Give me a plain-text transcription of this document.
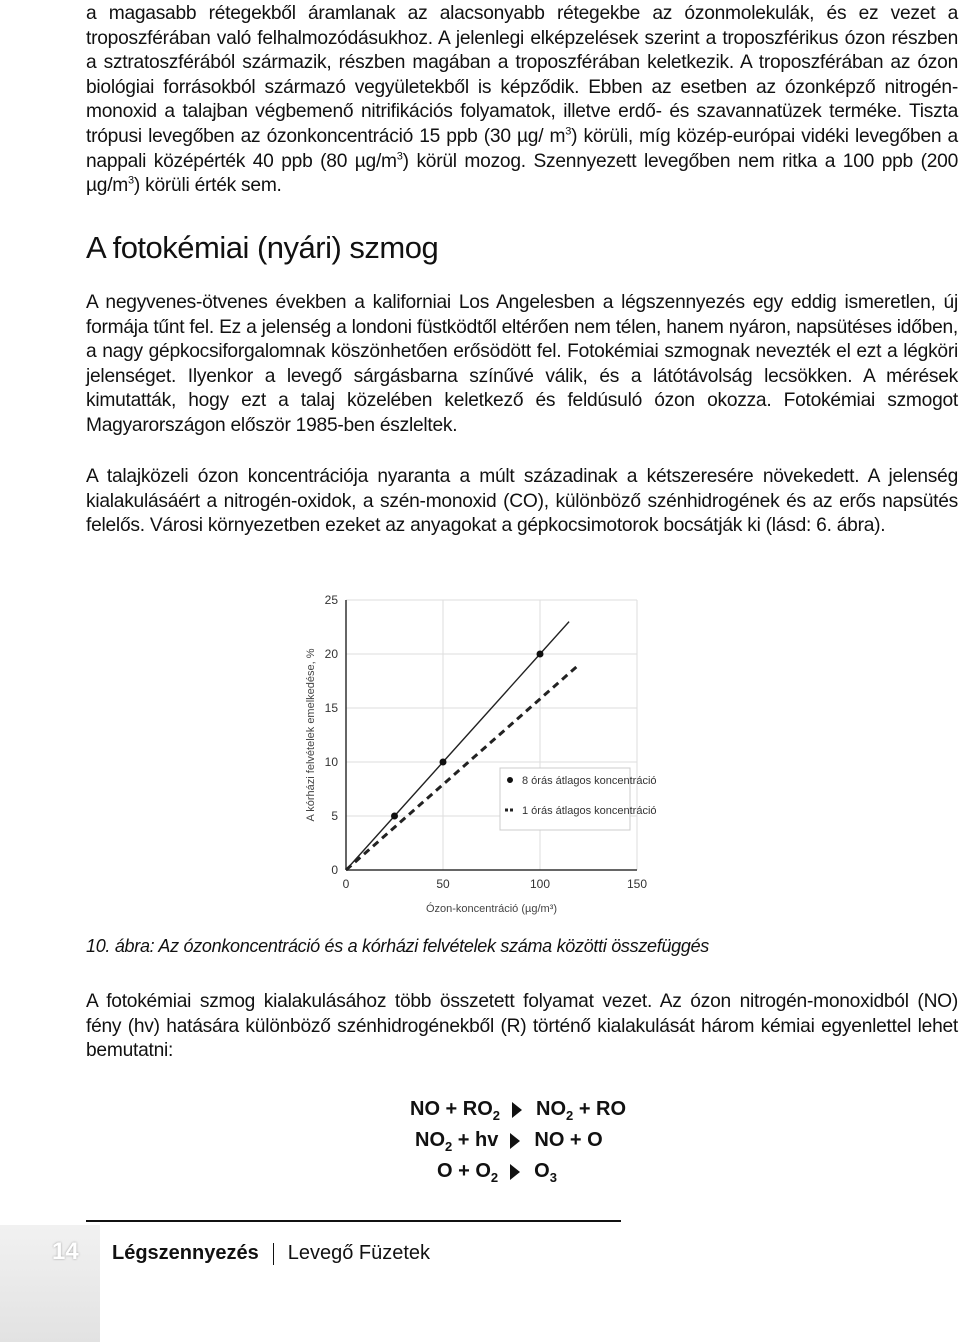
a magasabb rétegekből áramlanak az alacsonyabb rétegekbe az ózonmolekulák, és ez vezet a troposzférában való felhalmozódásukhoz. A jelenlegi elképzelések szerint a troposzférikus ózon részben a sztratoszférából származik, részben magában a troposzférában keletkezik. A troposzférában az ózon biológiai forrásokból származó vegyületekből is képződik. Ebben az esetben az ózonképző nitrogén-monoxid a talajban végbemenő nitrifikációs folyamatok, illetve erdő- és szavannatüzek terméke. Tiszta trópusi levegőben az ózonkoncentráció 15 ppb (30 µg/ $m^3$) körüli, míg közép-európai vidéki levegőben a nappali középérték 40 ppb (80 $\mu g/m^3$) körül mozog. Szennyezett levegőben nem ritka a 100 ppb (200 $\mu g/m^3$) körüli érték sem.

A fotokémiai (nyári) szmog

A negyvenes-ötvenes években a kaliforniai Los Angelesben a légszennyezés egy eddig ismeretlen, új formája tűnt fel. Ez a jelenség a londoni füstködtől eltérően nem télen, hanem nyáron, napsütéses időben, a nagy gépkocsiforgalomnak köszönhetően erősödött fel. Fotokémiai szmognak nevezték el ezt a légköri jelenséget. Ilyenkor a levegő sárgásbarna színűvé válik, és a látótávolság lecsökken. A mérések kimutatták, hogy ezt a talaj közelében keletkező és feldúsuló ózon okozza. Fotokémiai szmogot Magyarországon először 1985-ben észleltek.

A talajközeli ózon koncentrációja nyaranta a múlt századinak a kétszeresére növekedett. A jelenség kialakulásáért a nitrogén-oxidok, a szén-monoxid (CO), különböző szénhidrogének és az erős napsütés felelős. Városi környezetben ezeket az anyagokat a gépkocsimotorok bocsátják ki (lásd: 6. ábra).

0
5
10
15
20
25
0	50	100	150
Ózon-koncentráció (µg/m³)
A kórházi felvételek emelkedése, %	8 órás átlagos koncentráció
1 órás átlagos koncentráció
10. ábra: Az ózonkoncentráció és a kórházi felvételek száma közötti összefüggés

A fotokémiai szmog kialakulásához több összetett folyamat vezet. Az ózon nitrogén-monoxidból (NO) fény (hv) hatására különböző szénhidrogénekből (R) történő kialakulását három kémiai egyenlettel lehet bemutatni:

NO + $RO_2$ $NO_2$ + RO
$NO_2$ + hv NO + O
$O + O_2$ $O_3$
14 Légszennyezés Levegő Füzetek
